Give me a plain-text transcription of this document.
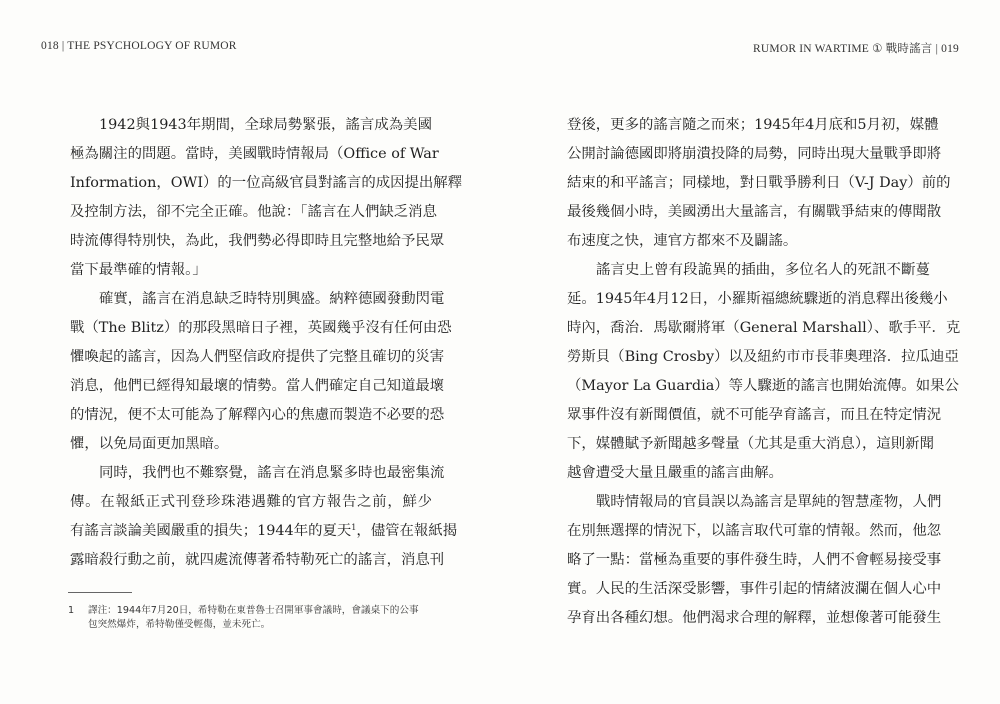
018 | THE PSYCHOLOGY OF RUMOR	RUMOR IN WARTIME ① 戰時謠言 | 019
1942與1943年期間，全球局勢緊張，謠言成為美國
極為關注的問題。當時，美國戰時情報局（Office of War
Information，OWI）的一位高級官員對謠言的成因提出解釋
及控制方法，卻不完全正確。他說：「謠言在人們缺乏消息
時流傳得特別快，為此，我們勢必得即時且完整地給予民眾
當下最準確的情報。」
確實，謠言在消息缺乏時特別興盛。納粹德國發動閃電
戰（The Blitz）的那段黑暗日子裡，英國幾乎沒有任何由恐
懼喚起的謠言，因為人們堅信政府提供了完整且確切的災害
消息，他們已經得知最壞的情勢。當人們確定自己知道最壞
的情況，便不太可能為了解釋內心的焦慮而製造不必要的恐
懼，以免局面更加黑暗。
同時，我們也不難察覺，謠言在消息緊多時也最密集流
傳。在報紙正式刊登珍珠港遇難的官方報告之前，鮮少
有謠言談論美國嚴重的損失；1944年的夏天$^1$ ，儘管在報紙揭
露暗殺行動之前，就四處流傳著希特勒死亡的謠言，消息刊
1 譯注：1944年7月20日，希特勒在東普魯士召開軍事會議時，會議桌下的公事
包突然爆炸，希特勒僅受輕傷，並未死亡。
登後，更多的謠言隨之而來；1945年4月底和5月初，媒體
公開討論德國即將崩潰投降的局勢，同時出現大量戰爭即將
結束的和平謠言；同樣地，對日戰爭勝利日（V-J Day）前的
最後幾個小時，美國湧出大量謠言，有關戰爭結束的傳聞散
布速度之快，連官方都來不及闢謠。
謠言史上曾有段詭異的插曲，多位名人的死訊不斷蔓
延。1945年4月12日，小羅斯福總統驟逝的消息釋出後幾小
時內，喬治．馬歇爾將軍（General Marshall）、歌手平．克
勞斯貝（Bing Crosby）以及紐約市市長菲奧理洛．拉瓜迪亞
（Mayor La Guardia）等人驟逝的謠言也開始流傳。如果公
眾事件沒有新聞價值，就不可能孕育謠言，而且在特定情況
下，媒體賦予新聞越多聲量（尤其是重大消息），這則新聞
越會遭受大量且嚴重的謠言曲解。
戰時情報局的官員誤以為謠言是單純的智慧產物，人們
在別無選擇的情況下，以謠言取代可靠的情報。然而，他忽
略了一點：當極為重要的事件發生時，人們不會輕易接受事
實。人民的生活深受影響，事件引起的情緒波瀾在個人心中
孕育出各種幻想。他們渴求合理的解釋，並想像著可能發生
